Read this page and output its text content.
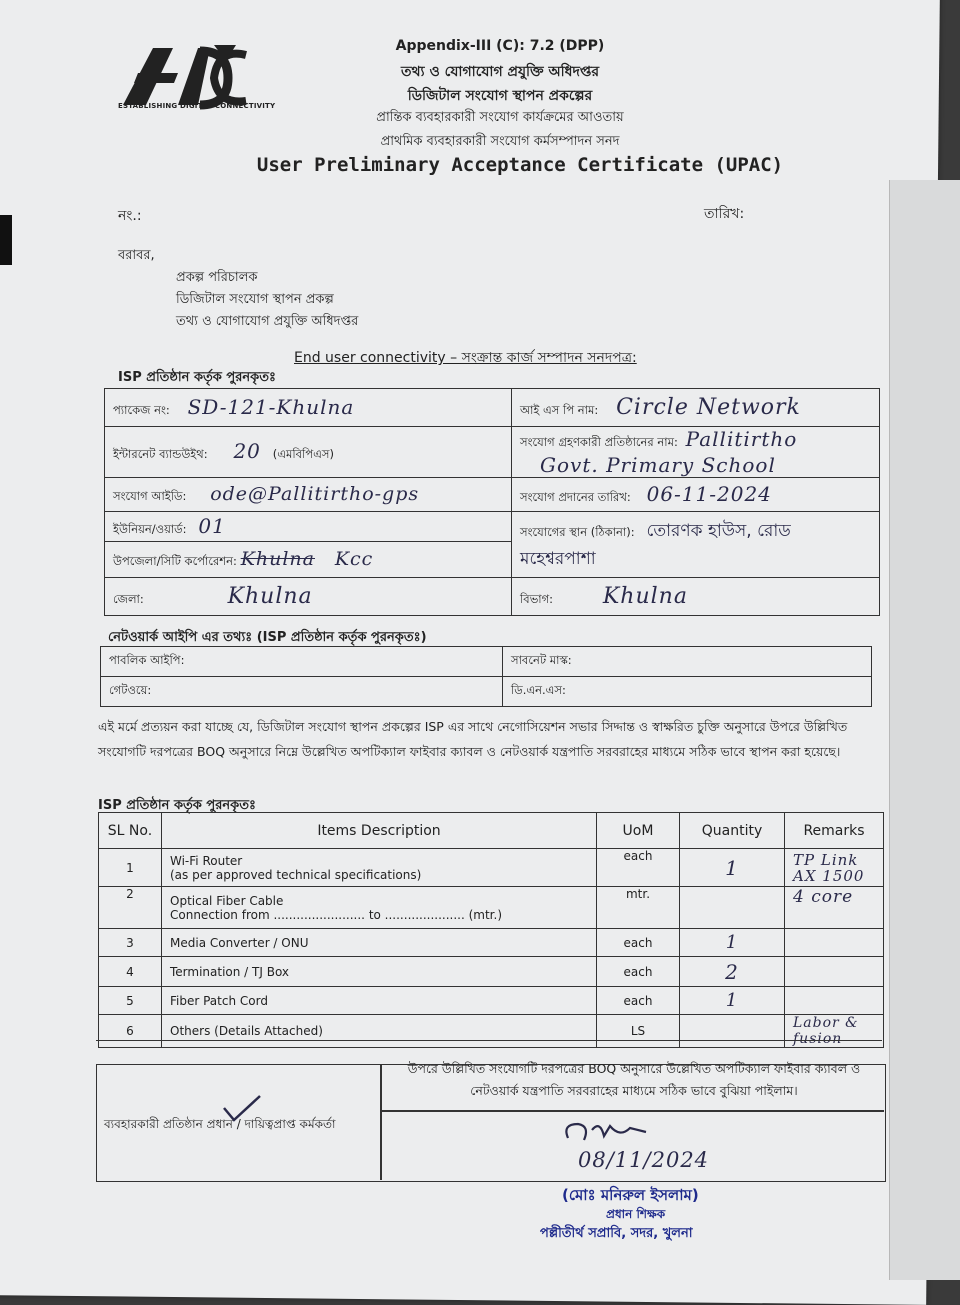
ESTABLISHING DIGITAL CONNECTIVITY
Appendix-III (C): 7.2 (DPP)
তথ্য ও যোগাযোগ প্রযুক্তি অধিদপ্তর
ডিজিটাল সংযোগ স্থাপন প্রকল্পের
প্রান্তিক ব্যবহারকারী সংযোগ কার্যক্রমের আওতায়
প্রাথমিক ব্যবহারকারী সংযোগ কর্মসম্পাদন সনদ
User Preliminary Acceptance Certificate (UPAC)
নং.:	তারিখ:
বরাবর,
প্রকল্প পরিচালক
ডিজিটাল সংযোগ স্থাপন প্রকল্প
তথ্য ও যোগাযোগ প্রযুক্তি অধিদপ্তর
End user connectivity – সংক্রান্ত কার্জ সম্পাদন সনদপত্র:
ISP প্রতিষ্ঠান কর্তৃক পুরনকৃতঃ
প্যাকেজ নং: SD-121-Khulna	আই এস পি নাম: Circle Network
ইন্টারনেট ব্যান্ডউইথ: 20 (এমবিপিএস)	সংযোগ গ্রহণকারী প্রতিষ্ঠানের নাম: Pallitirtho
Govt. Primary School
সংযোগ আইডি: ode@Pallitirtho-gps	সংযোগ প্রদানের তারিখ: 06-11-2024
ইউনিয়ন/ওয়ার্ড: 01	সংযোগের স্থান (ঠিকানা): তোরণক হাউস, রোড
মহেশ্বরপাশা
উপজেলা/সিটি কর্পোরেশন: Khulna Kcc	
জেলা: Khulna	বিভাগ: Khulna
নেটওয়ার্ক আইপি এর তথ্যঃ (ISP প্রতিষ্ঠান কর্তৃক পুরনকৃতঃ)
পাবলিক আইপি:	সাবনেট মাস্ক:
গেটওয়ে:	ডি.এন.এস:
এই মর্মে প্রত্যয়ন করা যাচ্ছে যে, ডিজিটাল সংযোগ স্থাপন প্রকল্পের ISP এর সাথে নেগোসিয়েশন সভার সিদ্দান্ত ও স্বাক্ষরিত চুক্তি অনুসারে উপরে উল্লিখিত সংযোগটি দরপত্রের BOQ অনুসারে নিম্নে উল্লেখিত অপটিক্যাল ফাইবার ক্যাবল ও নেটওয়ার্ক যন্ত্রপাতি সরবরাহের মাধ্যমে সঠিক ভাবে স্থাপন করা হয়েছে।
ISP প্রতিষ্ঠান কর্তৃক পুরনকৃতঃ
SL No.	Items Description	UoM	Quantity	Remarks
1	Wi-Fi Router
(as per approved technical specifications)	each	1	TP Link AX 1500
2	Optical Fiber Cable
Connection from ........................ to ..................... (mtr.)	mtr.		4 core
3	Media Converter / ONU	each	1	
4	Termination / TJ Box	each	2	
5	Fiber Patch Cord	each	1	
6	Others (Details Attached)	LS		Labor & fusion
ব্যবহারকারী প্রতিষ্ঠান প্রধান / দায়িত্বপ্রাপ্ত কর্মকর্তা
উপরে উল্লিখিত সংযোগটি দরপত্রের BOQ অনুসারে উল্লেখিত অপটিক্যাল ফাইবার ক্যাবল ও নেটওয়ার্ক যন্ত্রপাতি সরবরাহের মাধ্যমে সঠিক ভাবে বুঝিয়া পাইলাম।
08/11/2024
(মোঃ মনিরুল ইসলাম)
প্রধান শিক্ষক
পল্লীতীর্থ সপ্রাবি, সদর, খুলনা
